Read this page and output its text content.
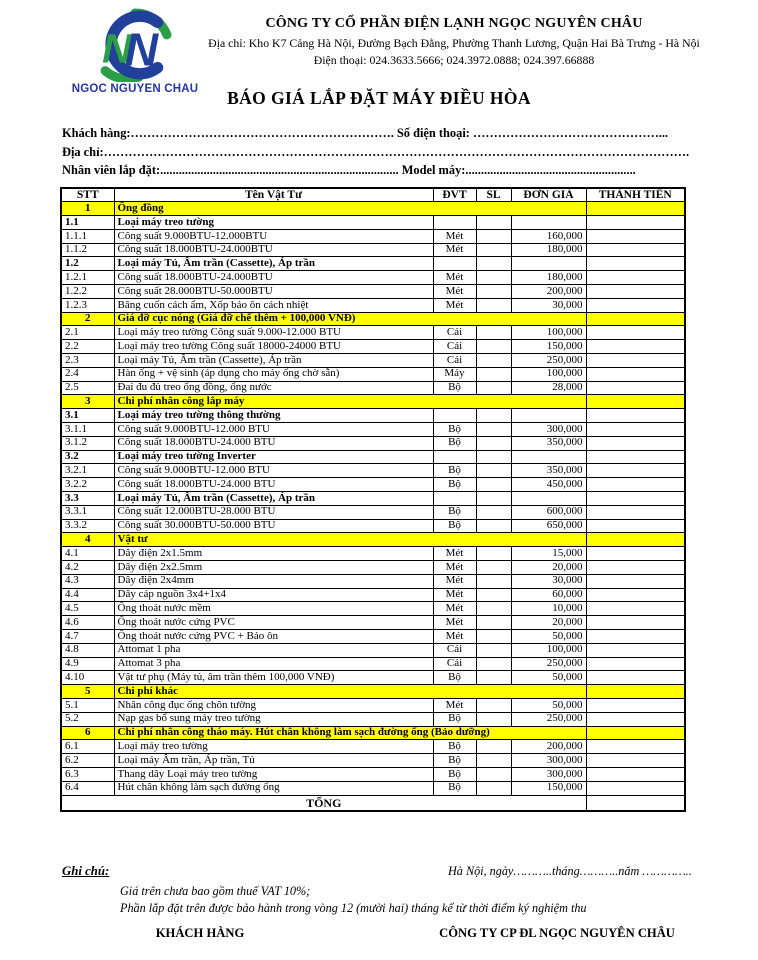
N
N
NGOC NGUYEN CHAU
CÔNG TY CỔ PHẦN ĐIỆN LẠNH NGỌC NGUYÊN CHÂU
Địa chỉ: Kho K7 Cảng Hà Nội, Đường Bạch Đằng, Phường Thanh Lương, Quận Hai Bà Trưng - Hà Nội
Điện thoại: 024.3633.5666; 024.3972.0888; 024.397.66888
BÁO GIÁ LẮP ĐẶT MÁY ĐIỀU HÒA
Khách hàng:………………………………………………………. Số điện thoại: ………………………………………...
Địa chỉ:…………………………………………………………………………………………………………………………….
Nhân viên lắp đặt:............................................................................. Model máy:.......................................................
STT	Tên Vật Tư	ĐVT	SL	ĐƠN GIÁ	THÀNH TIỀN
1	Ống đồng				
1.1	Loại máy treo tường				
1.1.1	Công suất 9.000BTU-12.000BTU	Mét		160,000	
1.1.2	Công suất 18.000BTU-24.000BTU	Mét		180,000	
1.2	Loại máy Tủ, Âm trần (Cassette), Áp trần				
1.2.1	Công suất 18.000BTU-24.000BTU	Mét		180,000	
1.2.2	Công suất 28.000BTU-50.000BTU	Mét		200,000	
1.2.3	Băng cuốn cách ẩm, Xốp bảo ôn cách nhiệt	Mét		30,000	
2	Giá đỡ cục nóng (Giá đỡ chế thêm + 100,000 VNĐ)				
2.1	Loại máy treo tường Công suất 9.000-12.000 BTU	Cái		100,000	
2.2	Loại máy treo tường Công suất 18000-24000 BTU	Cái		150,000	
2.3	Loại máy Tủ, Âm trần (Cassette), Áp trần	Cái		250,000	
2.4	Hàn ống + vệ sinh (áp dụng cho máy ống chờ sẵn)	Máy		100,000	
2.5	Đai đu đủ treo ống đồng, ống nước	Bộ		28,000	
3	Chi phí nhân công lắp máy				
3.1	Loại máy treo tường thông thường				
3.1.1	Công suất 9.000BTU-12.000 BTU	Bộ		300,000	
3.1.2	Công suất 18.000BTU-24.000 BTU	Bộ		350,000	
3.2	Loại máy treo tường Inverter				
3.2.1	Công suất 9.000BTU-12.000 BTU	Bộ		350,000	
3.2.2	Công suất 18.000BTU-24.000 BTU	Bộ		450,000	
3.3	Loại máy Tủ, Âm trần (Cassette), Áp trần				
3.3.1	Công suất 12.000BTU-28.000 BTU	Bộ		600,000	
3.3.2	Công suất 30.000BTU-50.000 BTU	Bộ		650,000	
4	Vật tư				
4.1	Dây điện 2x1.5mm	Mét		15,000	
4.2	Dây điện 2x2.5mm	Mét		20,000	
4.3	Dây điện 2x4mm	Mét		30,000	
4.4	Dây cáp nguồn 3x4+1x4	Mét		60,000	
4.5	Ống thoát nước mềm	Mét		10,000	
4.6	Ống thoát nước cứng PVC	Mét		20,000	
4.7	Ống thoát nước cứng PVC + Bảo ôn	Mét		50,000	
4.8	Attomat 1 pha	Cái		100,000	
4.9	Attomat 3 pha	Cái		250,000	
4.10	Vật tư phụ (Máy tủ, âm trần thêm 100,000 VNĐ)	Bộ		50,000	
5	Chi phí khác				
5.1	Nhân công đục ống chôn tường	Mét		50,000	
5.2	Nạp gas bổ sung máy treo tường	Bộ		250,000	
6	Chi phí nhân công tháo máy. Hút chân không làm sạch đường ống (Bảo dưỡng)				
6.1	Loại máy treo tường	Bộ		200,000	
6.2	Loại máy Âm trần, Áp trần, Tủ	Bộ		300,000	
6.3	Thang dây Loại máy treo tường	Bộ		300,000	
6.4	Hút chân không làm sạch đường ống	Bộ		150,000	
TỔNG					
Ghi chú:	Hà Nội, ngày………..tháng………..năm …………..
Giá trên chưa bao gồm thuế VAT 10%;
Phần lắp đặt trên được bảo hành trong vòng 12 (mười hai) tháng kể từ thời điểm ký nghiệm thu
KHÁCH HÀNG	CÔNG TY CP ĐL NGỌC NGUYÊN CHÂU
